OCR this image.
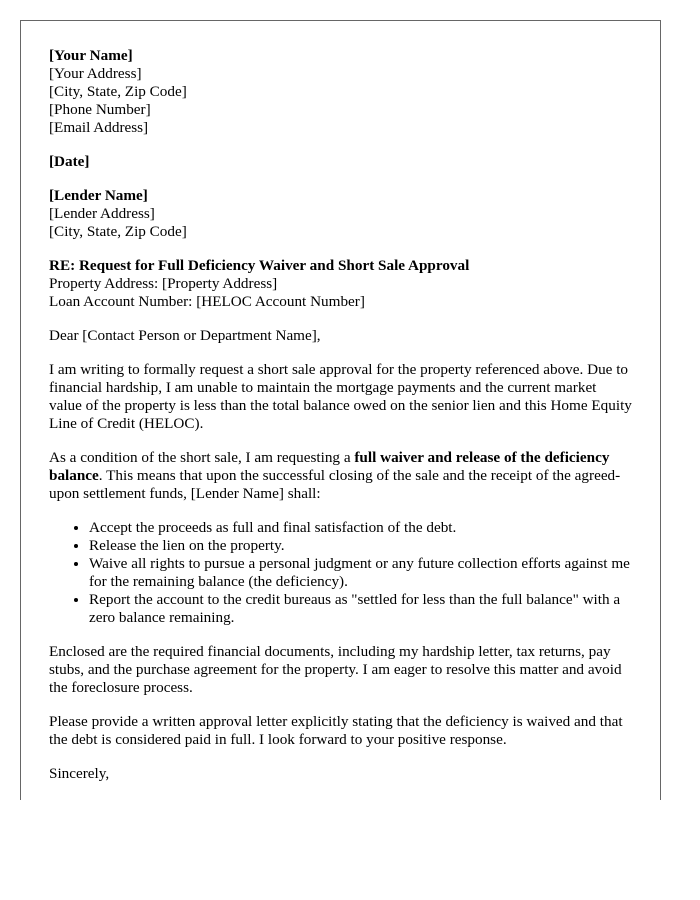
[Your Name]
[Your Address]
[City, State, Zip Code]
[Phone Number]
[Email Address]
[Date]
[Lender Name]
[Lender Address]
[City, State, Zip Code]
RE: Request for Full Deficiency Waiver and Short Sale Approval
Property Address: [Property Address]
Loan Account Number: [HELOC Account Number]

Dear [Contact Person or Department Name],

I am writing to formally request a short sale approval for the property referenced above. Due to financial hardship, I am unable to maintain the mortgage payments and the current market value of the property is less than the total balance owed on the senior lien and this Home Equity Line of Credit (HELOC).

As a condition of the short sale, I am requesting a full waiver and release of the deficiency balance. This means that upon the successful closing of the sale and the receipt of the agreed-upon settlement funds, [Lender Name] shall:

• Accept the proceeds as full and final satisfaction of the debt.
• Release the lien on the property.
• Waive all rights to pursue a personal judgment or any future collection efforts against me for the remaining balance (the deficiency).
• Report the account to the credit bureaus as "settled for less than the full balance" with a zero balance remaining.

Enclosed are the required financial documents, including my hardship letter, tax returns, pay stubs, and the purchase agreement for the property. I am eager to resolve this matter and avoid the foreclosure process.

Please provide a written approval letter explicitly stating that the deficiency is waived and that the debt is considered paid in full. I look forward to your positive response.

Sincerely,
